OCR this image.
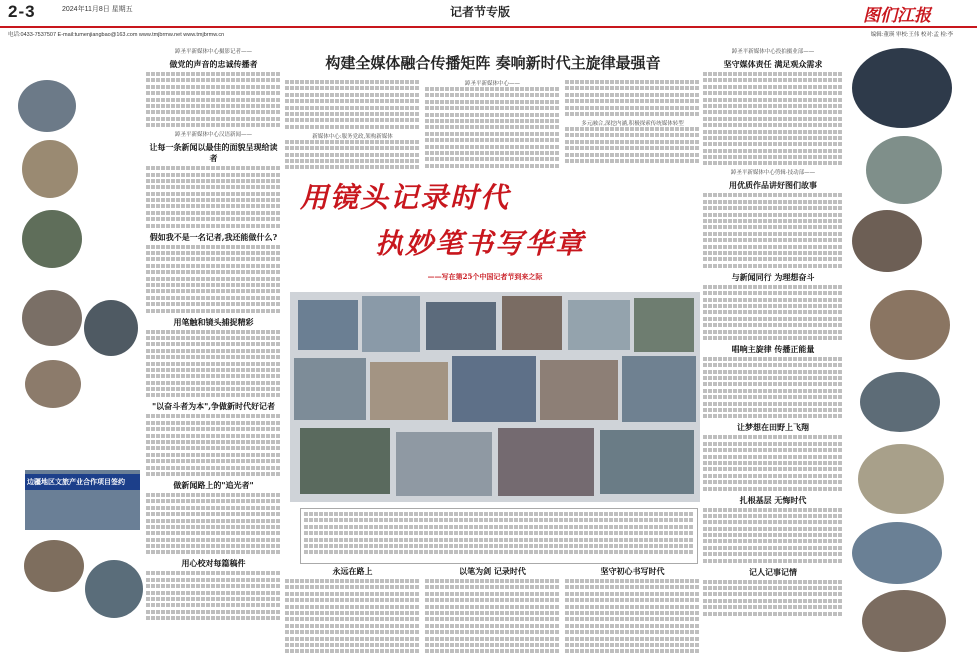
2-3	2024年11月8日 星期五	记者节专版	图们江报
电话:0433-7537507 E-mail:tumenjiangbao@163.com www.tmjbrmw.net www.tmjbrmw.cn	编辑:董瑛 审校:王伟 校对:孟 检:李
边疆地区文旅产业合作项目签约
踔圣平新媒体中心摄影记者——
做党的声音的忠诚传播者
踔圣平新媒体中心汉语新闻——
让每一条新闻以最佳的面貌呈现给读者
假如我不是一名记者,我还能做什么?
用笔触和镜头捕捉精彩
"以奋斗者为本",争做新时代好记者
做新闻路上的"追光者"
用心校对每篇稿件
构建全媒体融合传播矩阵 奏响新时代主旋律最强音
新媒体中心:服务党政,架构新媒体
踔圣平新媒体中心——
多元融合,深挖内涵,积极探索传统媒体转型
用镜头记录时代
执妙笔书写华章
——写在第25个中国记者节到来之际
永远在路上	以笔为剑 记录时代	坚守初心书写时代
踔圣平新媒体中心投拍摄业部——
坚守媒体责任 满足观众需求
踔圣平新媒体中心剪辑·技动部——
用优质作品讲好图们故事
与新闻同行 为理想奋斗
唱响主旋律 传播正能量
让梦想在田野上飞翔
扎根基层 无悔时代
记人记事记情
